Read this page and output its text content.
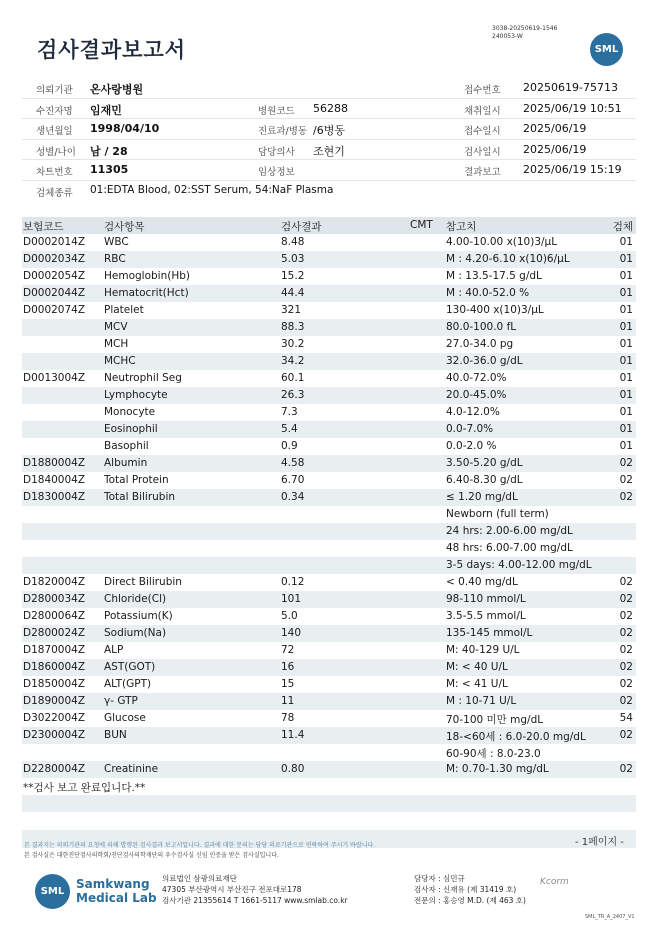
검사결과보고서
3038-20250619-1546
240053-W
SML
의뢰기관 온사랑병원	접수번호 20250619-75713
수진자명 임재민	병원코드 56288	채취일시 2025/06/19 10:51
생년월일 1998/04/10	진료과/병동 /6병동	접수일시 2025/06/19
성별/나이 남 / 28	담당의사 조현기	검사일시 2025/06/19
차트번호 11305	임상정보	결과보고 2025/06/19 15:19
검체종류 01:EDTA Blood, 02:SST Serum, 54:NaF Plasma
보험코드	검사항목	검사결과	CMT 참고치	검체
D0002014Z WBC	8.48	4.00-10.00 x(10)3/μL	01
D0002034Z RBC	5.03	M : 4.20-6.10 x(10)6/μL	01
D0002054Z Hemoglobin(Hb)	15.2	M : 13.5-17.5 g/dL	01
D0002044Z Hematocrit(Hct)	44.4	M : 40.0-52.0 %	01
D0002074Z Platelet	321	130-400 x(10)3/μL	01
MCV	88.3	80.0-100.0 fL	01
MCH	30.2	27.0-34.0 pg	01
MCHC	34.2	32.0-36.0 g/dL	01
D0013004Z Neutrophil Seg	60.1	40.0-72.0%	01
Lymphocyte	26.3	20.0-45.0%	01
Monocyte	7.3	4.0-12.0%	01
Eosinophil	5.4	0.0-7.0%	01
Basophil	0.9	0.0-2.0 %	01
D1880004Z Albumin	4.58	3.50-5.20 g/dL	02
D1840004Z Total Protein	6.70	6.40-8.30 g/dL	02
D1830004Z Total Bilirubin	0.34	≤ 1.20 mg/dL	02
Newborn (full term)
24 hrs: 2.00-6.00 mg/dL
48 hrs: 6.00-7.00 mg/dL
3-5 days: 4.00-12.00 mg/dL
D1820004Z Direct Bilirubin	0.12	< 0.40 mg/dL	02
D2800034Z Chloride(Cl)	101	98-110 mmol/L	02
D2800064Z Potassium(K)	5.0	3.5-5.5 mmol/L	02
D2800024Z Sodium(Na)	140	135-145 mmol/L	02
D1870004Z ALP	72	M: 40-129 U/L	02
D1860004Z AST(GOT)	16	M: < 40 U/L	02
D1850004Z ALT(GPT)	15	M: < 41 U/L	02
D1890004Z γ- GTP	11	M : 10-71 U/L	02
D3022004Z Glucose	78	70-100 미만 mg/dL	54
D2300004Z BUN	11.4	18-<60세 : 6.0-20.0 mg/dL	02
60-90세 : 8.0-23.0
D2280004Z Creatinine	0.80	M: 0.70-1.30 mg/dL	02
**검사 보고 완료입니다.**
- 1페이지 -
본 결과지는 의뢰기관의 요청에 의해 발행된 검사결과 보고서입니다. 결과에 대한 문의는 담당 의료기관으로 연락하여 주시기 바랍니다.
본 검사실은 대한진단검사의학회/진단검사의학재단의 우수검사실 신임 인증을 받은 검사실입니다.
SML
Samkwang
Medical Lab
의료법인 삼광의료재단
47305 부산광역시 부산진구 전포대로178
검사기관 21355614 T 1661-5117 www.smlab.co.kr
담당자 : 심민규
검사자 : 신재유 (제 31419 호)
전문의 : 홍승영 M.D. (제 463 호)
Kcorm
SML_TR_A_2407_V1
